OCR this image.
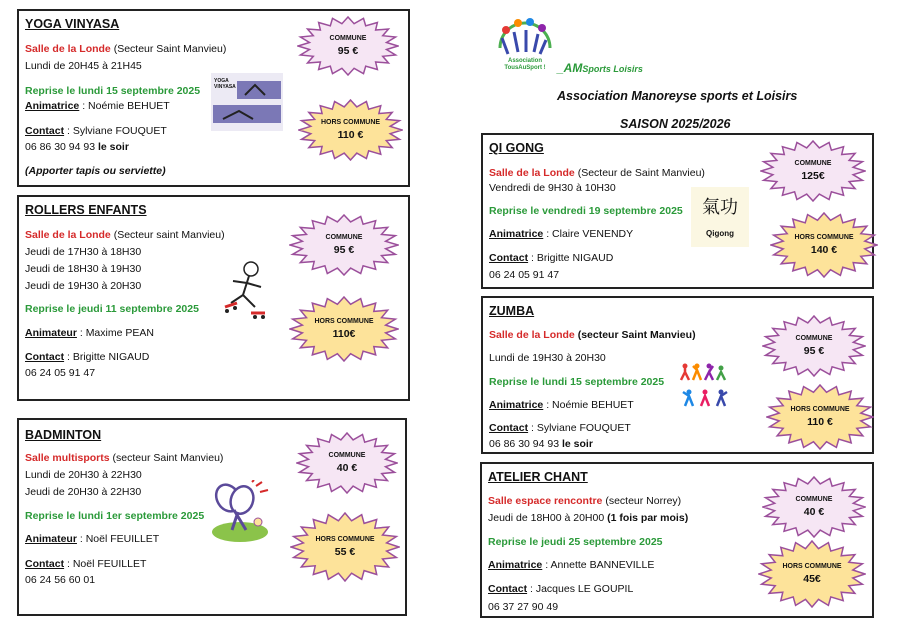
Association TousAuSport ! _AMSports Loisirs
Association Manoreyse sports et Loisirs
SAISON 2025/2026
YOGA VINYASA
Salle de la Londe (Secteur Saint Manvieu)
Lundi de 20H45 à 21H45
Reprise le lundi 15 septembre 2025
Animatrice : Noémie BEHUET
Contact : Sylviane FOUQUET
06 86 30 94 93 le soir
(Apporter tapis ou serviette)
YOGA VINYASA
ROLLERS ENFANTS
Salle de la Londe (Secteur saint Manvieu)
Jeudi de 17H30 à 18H30
Jeudi de 18H30 à 19H30
Jeudi de 19H30 à 20H30
Reprise le jeudi 11 septembre 2025
Animateur : Maxime PEAN
Contact : Brigitte NIGAUD
06 24 05 91 47
BADMINTON
Salle multisports (secteur Saint Manvieu)
Lundi de 20H30 à 22H30
Jeudi de 20H30 à 22H30
Reprise le lundi 1er septembre 2025
Animateur : Noël FEUILLET
Contact : Noël FEUILLET
06 24 56 60 01
QI GONG
Salle de la Londe (Secteur de Saint Manvieu)
Vendredi de 9H30 à 10H30
Reprise le vendredi 19 septembre 2025
Animatrice : Claire VENENDY
Contact : Brigitte NIGAUD
06 24 05 91 47
氣功
Qigong
ZUMBA
Salle de la Londe (secteur Saint Manvieu)
Lundi de 19H30 à 20H30
Reprise le lundi 15 septembre 2025
Animatrice : Noémie BEHUET
Contact : Sylviane FOUQUET
06 86 30 94 93 le soir
ATELIER CHANT
Salle espace rencontre (secteur Norrey)
Jeudi de 18H00 à 20H00 (1 fois par mois)
Reprise le jeudi 25 septembre 2025
Animatrice : Annette BANNEVILLE
Contact : Jacques LE GOUPIL
06 37 27 90 49
COMMUNE
95 €
HORS COMMUNE
110 €
COMMUNE
95 €
HORS COMMUNE
110€
COMMUNE
40 €
HORS COMMUNE
55 €
COMMUNE
125€
HORS COMMUNE
140 €
COMMUNE
95 €
HORS COMMUNE
110 €
COMMUNE
40 €
HORS COMMUNE
45€
